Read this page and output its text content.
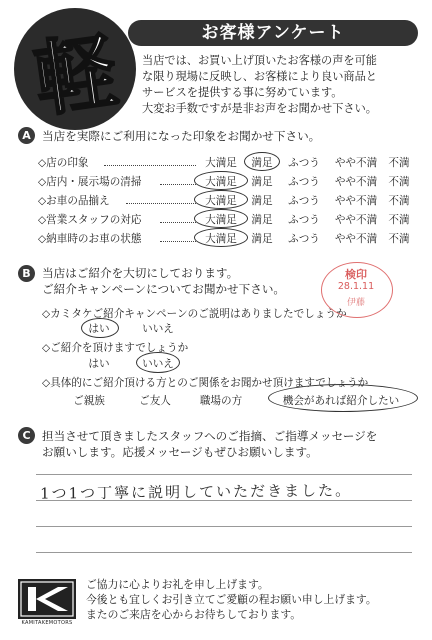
軽	お客様アンケート
当店では、お買い上げ頂いたお客様の声を可能
な限り現場に反映し、お客様により良い商品と
サービスを提供する事に努めています。
大変お手数ですが是非お声をお聞かせ下さい。
A 当店を実際にご利用になった印象をお聞かせ下さい。
◇店の印象	大満足	満足	ふつう	やや不満	不満
◇店内・展示場の清掃	大満足	満足	ふつう	やや不満	不満
◇お車の品揃え	大満足	満足	ふつう	やや不満	不満
◇営業スタッフの対応	大満足	満足	ふつう	やや不満	不満
◇納車時のお車の状態	大満足	満足	ふつう	やや不満	不満
B 当店はご紹介を大切にしております。
ご紹介キャンペーンについてお聞かせ下さい。
◇カミタケご紹介キャンペーンのご説明はありましたでしょうか
はい	いいえ
◇ご紹介を頂けますでしょうか
はい	いいえ
◇具体的にご紹介頂ける方とのご関係をお聞かせ頂けますでしょうか
ご親族	ご友人	職場の方	機会があれば紹介したい
検印
28.1.11
伊藤
C 担当させて頂きましたスタッフへのご指摘、ご指導メッセージを
お願いします。応援メッセージもぜひお願いします。
1つ1つ丁寧に説明していただきました。
KAMITAKEMOTORS
ご協力に心よりお礼を申し上げます。
今後とも宜しくお引き立てご愛顧の程お願い申し上げます。
またのご来店を心からお待ちしております。
